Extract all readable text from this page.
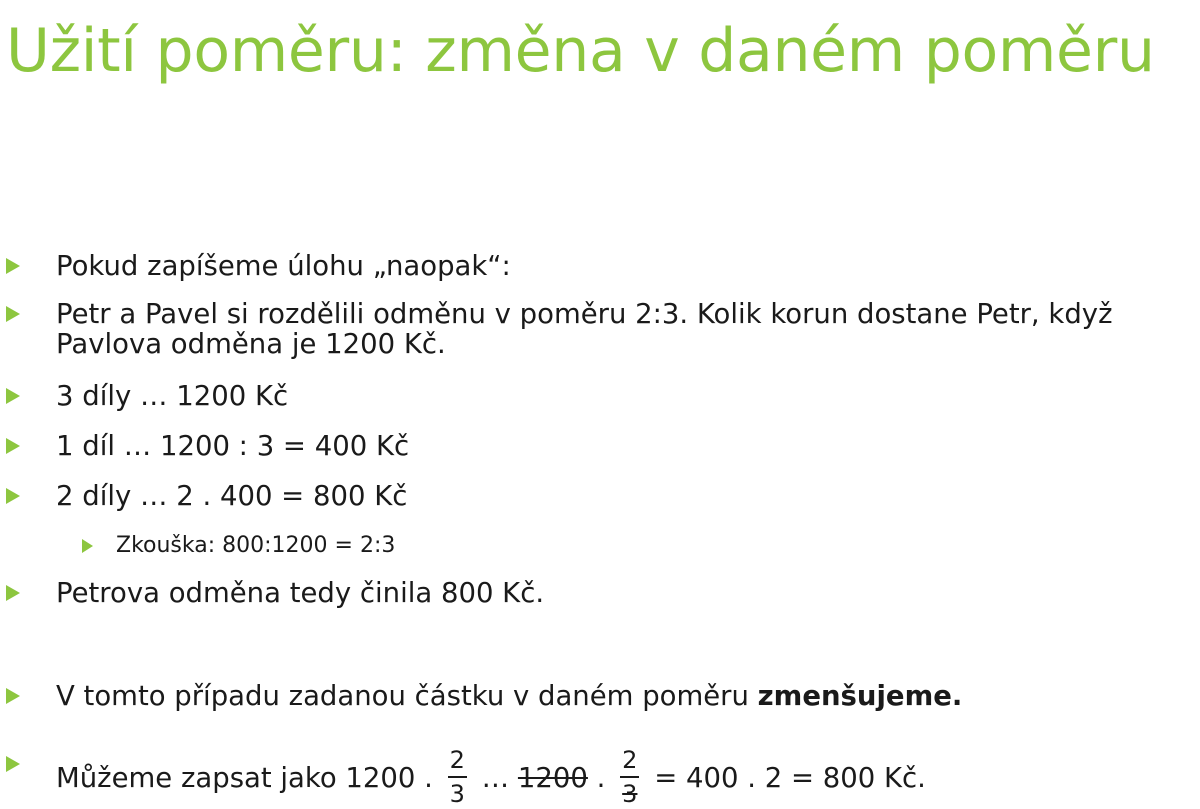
Užití poměru: změna v daném poměru
Pokud zapíšeme úlohu „naopak“:
Petr a Pavel si rozdělili odměnu v poměru 2:3. Kolik korun dostane Petr, když
Pavlova odměna je 1200 Kč.
3 díly … 1200 Kč
1 díl … 1200 : 3 = 400 Kč
2 díly … 2 . 400 = 800 Kč
Zkouška: 800:1200 = 2:3
Petrova odměna tedy činila 800 Kč.
V tomto případu zadanou částku v daném poměru zmenšujeme.
Můžeme zapsat jako 1200 . $\frac{2}{3}$ … 1200 . $\frac{2}{3} = 400$ . 2 = 800 Kč.
